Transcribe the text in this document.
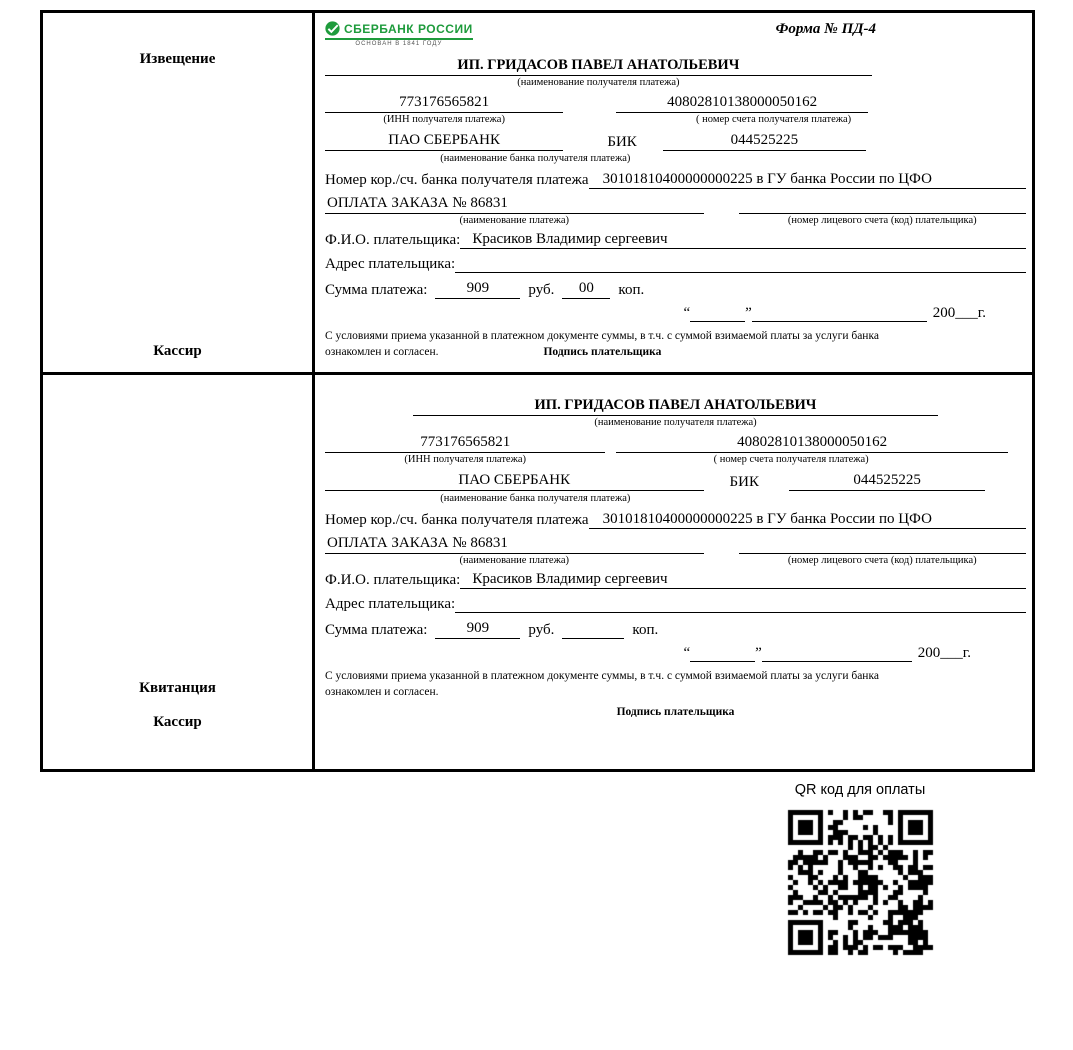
Извещение
Кассир
СБЕРБАНК РОССИИ
ОСНОВАН В 1841 ГОДУ
Форма № ПД-4
ИП. ГРИДАСОВ ПАВЕЛ АНАТОЛЬЕВИЧ
(наименование получателя платежа)
773176565821	40802810138000050162
(ИНН получателя платежа)	( номер счета получателя платежа)
ПАО СБЕРБАНК	БИК	044525225
(наименование банка получателя платежа)
Номер кор./сч. банка получателя платежа 30101810400000000225 в ГУ банка России по ЦФО
ОПЛАТА ЗАКАЗА № 86831
(наименование платежа)	(номер лицевого счета (код) плательщика)
Ф.И.О. плательщика: Красиков Владимир сергеевич
Адрес плательщика:
Сумма платежа:	909	руб.	00	коп.
“	”	200___г.
С условиями приема указанной в платежном документе суммы, в т.ч. с суммой взимаемой платы за услуги банка
ознакомлен и согласен.	Подпись плательщика
Квитанция
Кассир
ИП. ГРИДАСОВ ПАВЕЛ АНАТОЛЬЕВИЧ
(наименование получателя платежа)
773176565821	40802810138000050162
(ИНН получателя платежа)	( номер счета получателя платежа)
ПАО СБЕРБАНК	БИК	044525225
(наименование банка получателя платежа)
Номер кор./сч. банка получателя платежа 30101810400000000225 в ГУ банка России по ЦФО
ОПЛАТА ЗАКАЗА № 86831
(наименование платежа)	(номер лицевого счета (код) плательщика)
Ф.И.О. плательщика: Красиков Владимир сергеевич
Адрес плательщика:
Сумма платежа:	909	руб.	коп.
“	”	200___г.
С условиями приема указанной в платежном документе суммы, в т.ч. с суммой взимаемой платы за услуги банка
ознакомлен и согласен.
Подпись плательщика
QR код для оплаты
